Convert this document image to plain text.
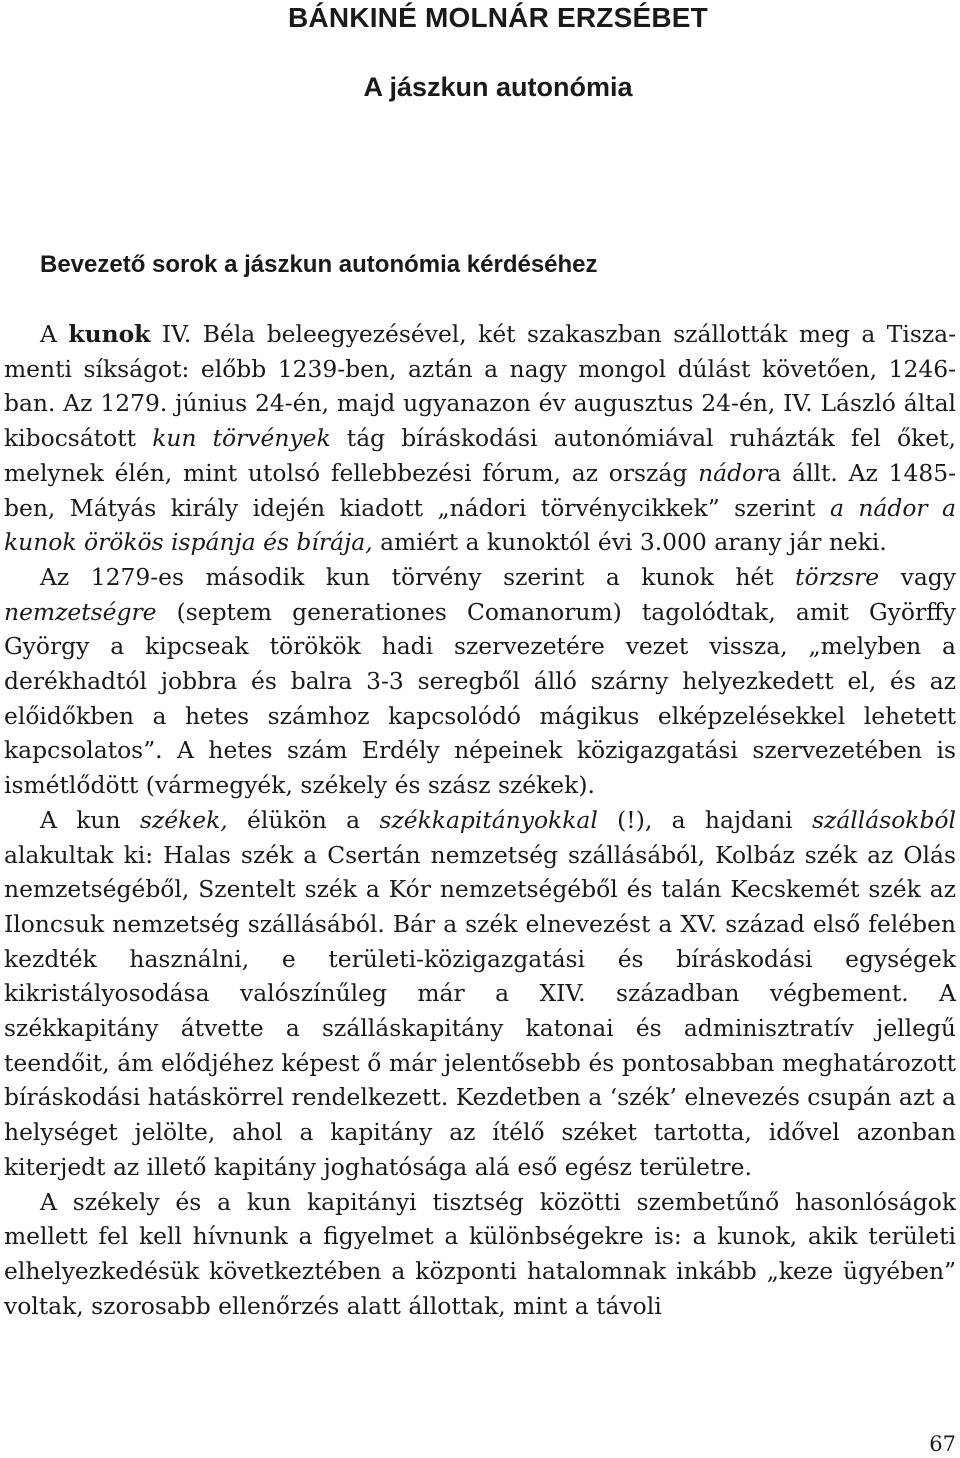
BÁNKINÉ MOLNÁR ERZSÉBET
A jászkun autonómia
Bevezető sorok a jászkun autonómia kérdéséhez

A kunok IV. Béla beleegyezésével, két szakaszban szállották meg a Tisza-menti síkságot: előbb 1239-ben, aztán a nagy mongol dúlást követően, 1246-ban. Az 1279. június 24-én, majd ugyanazon év augusztus 24-én, IV. László által kibocsátott kun törvények tág bíráskodási autonómiával ruházták fel őket, melynek élén, mint utolsó fellebbezési fórum, az ország nádora állt. Az 1485-ben, Mátyás király idején kiadott „nádori törvénycikkek” szerint a nádor a kunok örökös ispánja és bírája, amiért a kunoktól évi 3.000 arany jár neki.

Az 1279-es második kun törvény szerint a kunok hét törzsre vagy nemzetségre (septem generationes Comanorum) tagolódtak, amit Györffy György a kipcseak törökök hadi szervezetére vezet vissza, „melyben a derékhadtól jobbra és balra 3-3 seregből álló szárny helyezkedett el, és az előidőkben a hetes számhoz kapcsolódó mágikus elképzelésekkel lehetett kapcsolatos”. A hetes szám Erdély népeinek közigazgatási szervezetében is ismétlődött (vármegyék, székely és szász székek).

A kun székek, élükön a székkapitányokkal (!), a hajdani szállásokból alakultak ki: Halas szék a Csertán nemzetség szállásából, Kolbáz szék az Olás nemzetségéből, Szentelt szék a Kór nemzetségéből és talán Kecskemét szék az Iloncsuk nemzetség szállásából. Bár a szék elnevezést a XV. század első felében kezdték használni, e területi-közigazgatási és bíráskodási egységek kikristályosodása valószínűleg már a XIV. században végbement. A székkapitány átvette a szálláskapitány katonai és adminisztratív jellegű teendőit, ám elődjéhez képest ő már jelentősebb és pontosabban meghatározott bíráskodási hatáskörrel rendelkezett. Kezdetben a ‘szék’ elnevezés csupán azt a helységet jelölte, ahol a kapitány az ítélő széket tartotta, idővel azonban kiterjedt az illető kapitány joghatósága alá eső egész területre.

A székely és a kun kapitányi tisztség közötti szembetűnő hasonlóságok mellett fel kell hívnunk a figyelmet a különbségekre is: a kunok, akik területi elhelyezkedésük következtében a központi hatalomnak inkább „keze ügyében” voltak, szorosabb ellenőrzés alatt állottak, mint a távoli

67
